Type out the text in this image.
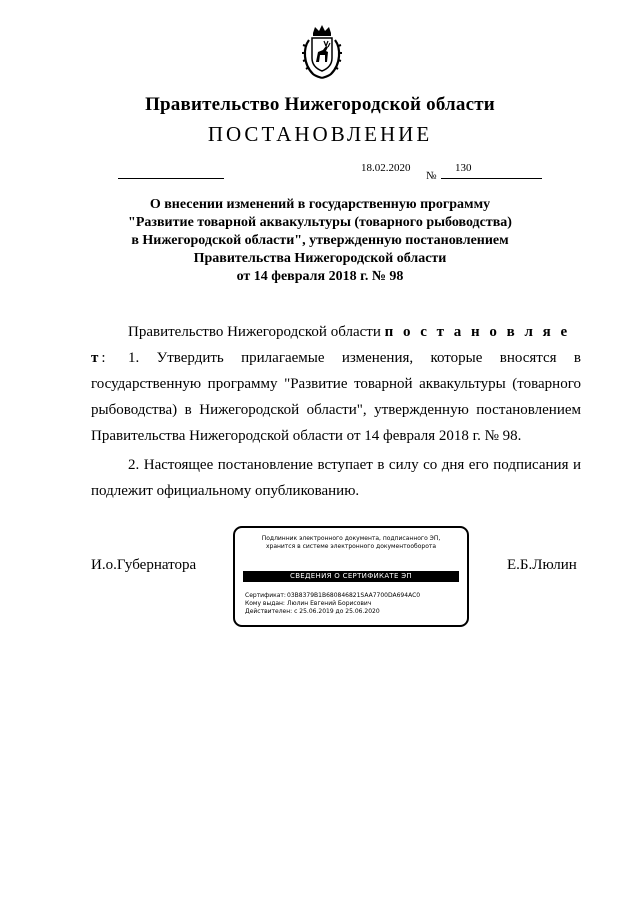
Правительство Нижегородской области
ПОСТАНОВЛЕНИЕ
18.02.2020
№
130
О внесении изменений в государственную программу
"Развитие товарной аквакультуры (товарного рыбоводства)
в Нижегородской области", утвержденную постановлением
Правительства Нижегородской области
от 14 февраля 2018 г. № 98
Правительство Нижегородской области п о с т а н о в л я е т:	1. Утвердить прилагаемые изменения, которые вносятся в государственную программу "Развитие товарной аквакультуры (товарного рыбоводства) в Нижегородской области", утвержденную постановлением Правительства Нижегородской области от 14 февраля 2018 г. № 98.
2. Настоящее постановление вступает в силу со дня его подписания и подлежит официальному опубликованию.
И.о.Губернатора
Подлинник электронного документа, подписанного ЭП,
хранится в системе электронного документооборота
СВЕДЕНИЯ О СЕРТИФИКАТЕ ЭП
Сертификат:03B8379B1B680846821SAA7700DA694AC0
Кому выдан: Люлин Евгений Борисович
Действителен: с 25.06.2019 до 25.06.2020
Е.Б.Люлин
